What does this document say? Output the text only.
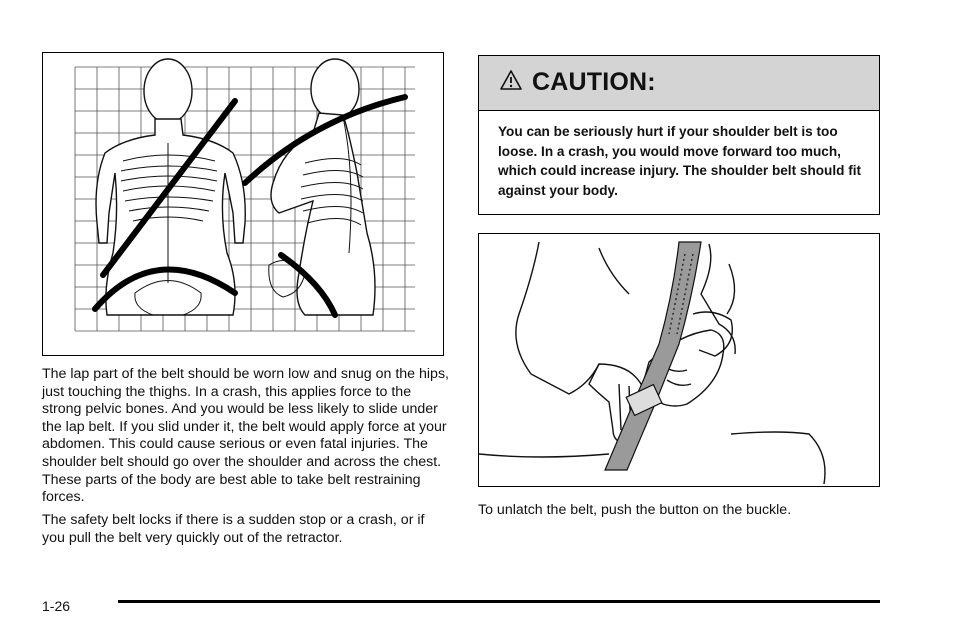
The lap part of the belt should be worn low and snug on the hips, just touching the thighs. In a crash, this applies force to the strong pelvic bones. And you would be less likely to slide under the lap belt. If you slid under it, the belt would apply force at your abdomen. This could cause serious or even fatal injuries. The shoulder belt should go over the shoulder and across the chest. These parts of the body are best able to take belt restraining forces.

The safety belt locks if there is a sudden stop or a crash, or if you pull the belt very quickly out of the retractor.

CAUTION:

You can be seriously hurt if your shoulder belt is too loose. In a crash, you would move forward too much, which could increase injury. The shoulder belt should fit against your body.

To unlatch the belt, push the button on the buckle.

1-26
